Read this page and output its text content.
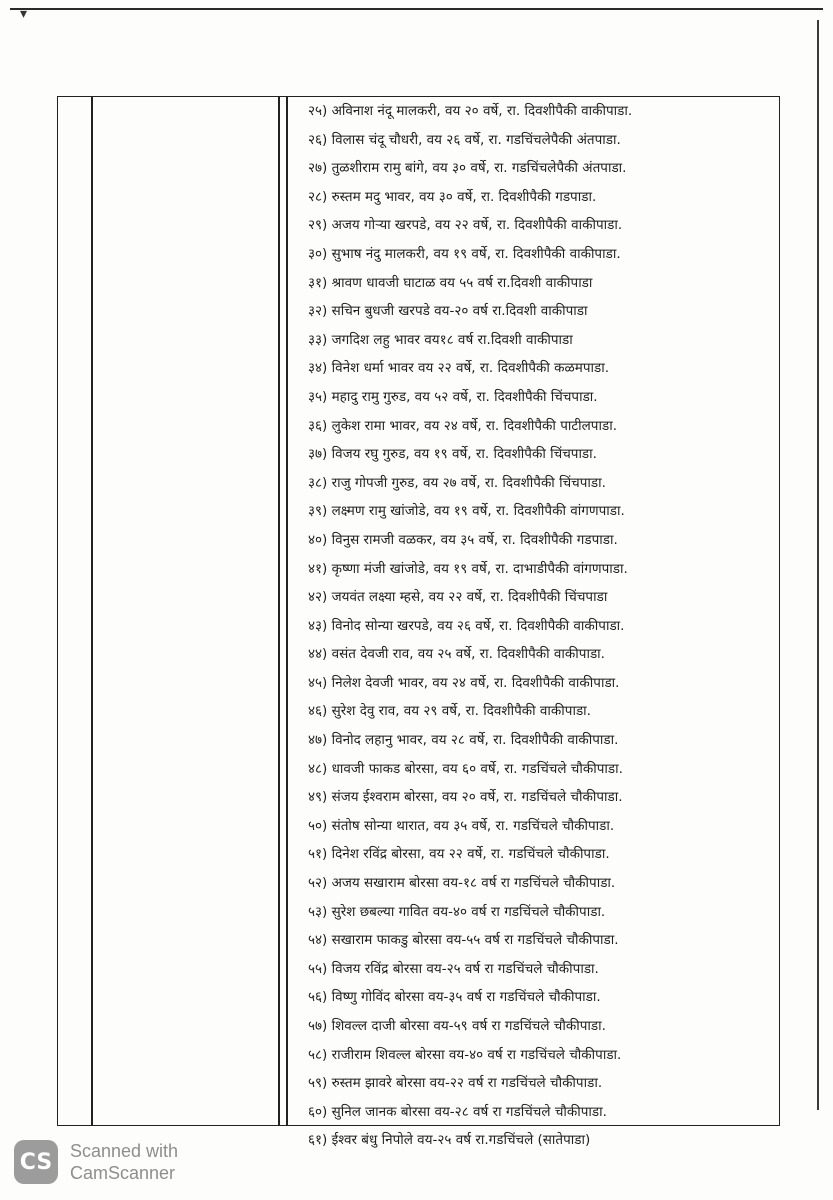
▾
२५) अविनाश नंदू मालकरी, वय २० वर्षे, रा. दिवशीपैकी वाकीपाडा.
२६) विलास चंदू चौधरी, वय २६ वर्षे, रा. गडचिंचलेपैकी अंतपाडा.
२७) तुळशीराम रामु बांगे, वय ३० वर्षे, रा. गडचिंचलेपैकी अंतपाडा.
२८) रुस्तम मदु भावर, वय ३० वर्षे, रा. दिवशीपैकी गडपाडा.
२९) अजय गोऱ्या खरपडे, वय २२ वर्षे, रा. दिवशीपैकी वाकीपाडा.
३०) सुभाष नंदु मालकरी, वय १९ वर्षे, रा. दिवशीपैकी वाकीपाडा.
३१) श्रावण धावजी घाटाळ वय ५५ वर्ष रा.दिवशी वाकीपाडा
३२) सचिन बुधजी खरपडे वय-२० वर्ष रा.दिवशी वाकीपाडा
३३) जगदिश लहु भावर वय१८ वर्ष रा.दिवशी वाकीपाडा
३४) विनेश धर्मा भावर वय २२ वर्षे, रा. दिवशीपैकी कळमपाडा.
३५) महादु रामु गुरुड, वय ५२ वर्षे, रा. दिवशीपैकी चिंचपाडा.
३६) लुकेश रामा भावर, वय २४ वर्षे, रा. दिवशीपैकी पाटीलपाडा.
३७) विजय रघु गुरुड, वय १९ वर्षे, रा. दिवशीपैकी चिंचपाडा.
३८) राजु गोपजी गुरुड, वय २७ वर्षे, रा. दिवशीपैकी चिंचपाडा.
३९) लक्ष्मण रामु खांजोडे, वय १९ वर्षे, रा. दिवशीपैकी वांगणपाडा.
४०) विनुस रामजी वळकर, वय ३५ वर्षे, रा. दिवशीपैकी गडपाडा.
४१) कृष्णा मंजी खांजोडे, वय १९ वर्षे, रा. दाभाडीपैकी वांगणपाडा.
४२) जयवंत लक्ष्या म्हसे, वय २२ वर्षे, रा. दिवशीपैकी चिंचपाडा
४३) विनोद सोन्या खरपडे, वय २६ वर्षे, रा. दिवशीपैकी वाकीपाडा.
४४) वसंत देवजी राव, वय २५ वर्षे, रा. दिवशीपैकी वाकीपाडा.
४५) निलेश देवजी भावर, वय २४ वर्षे, रा. दिवशीपैकी वाकीपाडा.
४६) सुरेश देवु राव, वय २९ वर्षे, रा. दिवशीपैकी वाकीपाडा.
४७) विनोद लहानु भावर, वय २८ वर्षे, रा. दिवशीपैकी वाकीपाडा.
४८) धावजी फाकड बोरसा, वय ६० वर्षे, रा. गडचिंचले चौकीपाडा.
४९) संजय ईश्वराम बोरसा, वय २० वर्षे, रा. गडचिंचले चौकीपाडा.
५०) संतोष सोन्या थारात, वय ३५ वर्षे, रा. गडचिंचले चौकीपाडा.
५१) दिनेश रविंद्र बोरसा, वय २२ वर्षे, रा. गडचिंचले चौकीपाडा.
५२) अजय सखाराम बोरसा वय-१८ वर्ष रा गडचिंचले चौकीपाडा.
५३) सुरेश छबल्या गावित वय-४० वर्ष रा गडचिंचले चौकीपाडा.
५४) सखाराम फाकडु बोरसा वय-५५ वर्ष रा गडचिंचले चौकीपाडा.
५५) विजय रविंद्र बोरसा वय-२५ वर्ष रा गडचिंचले चौकीपाडा.
५६) विष्णु गोविंद बोरसा वय-३५ वर्ष रा गडचिंचले चौकीपाडा.
५७) शिवल्ल दाजी बोरसा वय-५९ वर्ष रा गडचिंचले चौकीपाडा.
५८) राजीराम शिवल्ल बोरसा वय-४० वर्ष रा गडचिंचले चौकीपाडा.
५९) रुस्तम झावरे बोरसा वय-२२ वर्ष रा गडचिंचले चौकीपाडा.
६०) सुनिल जानक बोरसा वय-२८ वर्ष रा गडचिंचले चौकीपाडा.
६१) ईश्वर बंधु निपोले वय-२५ वर्ष रा.गडचिंचले (सातेपाडा)
CS Scanned with
CamScanner
